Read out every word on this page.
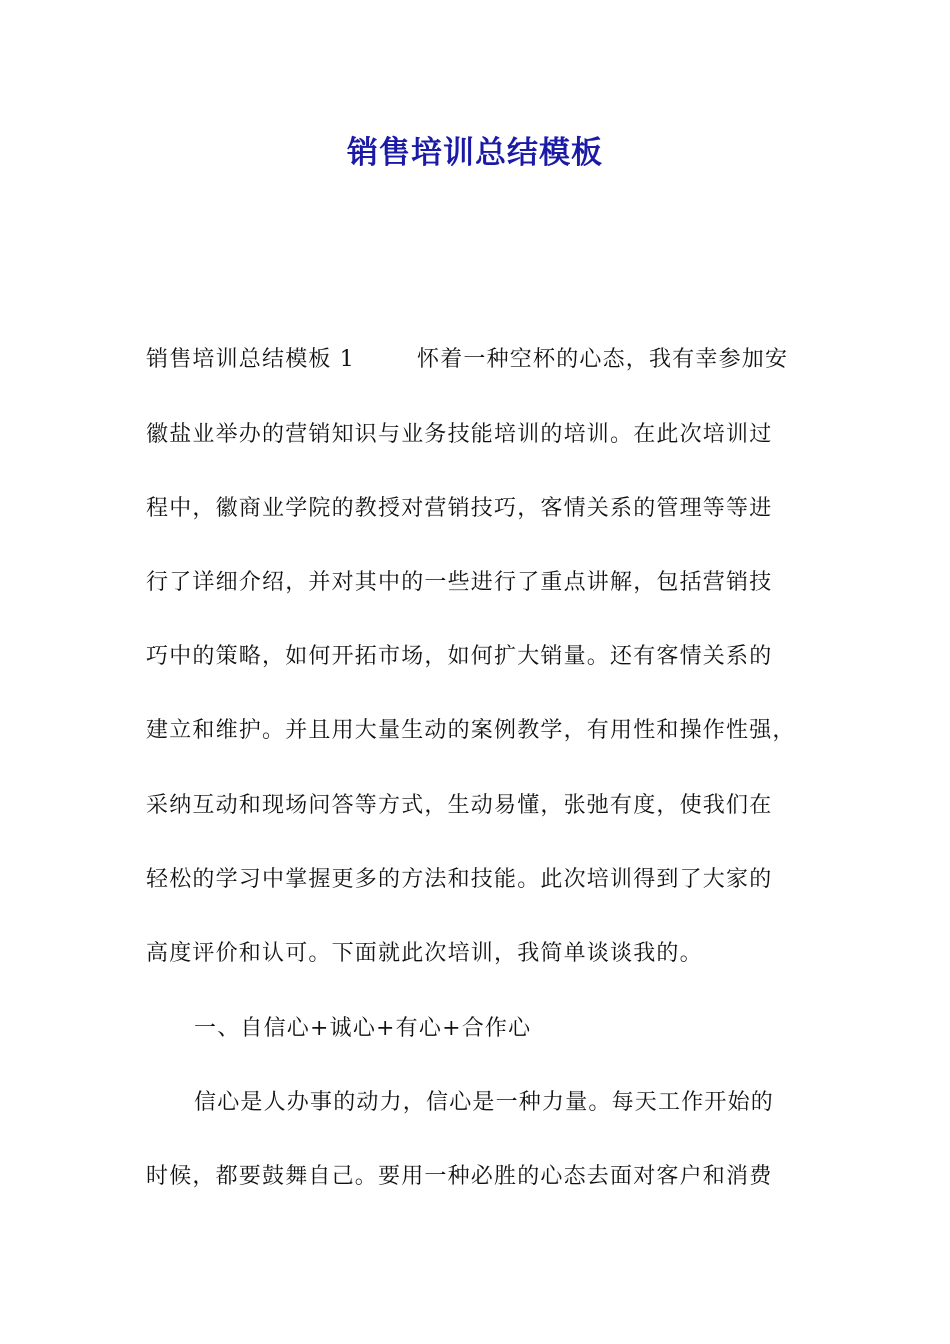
销售培训总结模板
销售培训总结模板 1	怀着一种空杯的心态，我有幸参加安
徽盐业举办的营销知识与业务技能培训的培训。在此次培训过
程中，徽商业学院的教授对营销技巧，客情关系的管理等等进
行了详细介绍，并对其中的一些进行了重点讲解，包括营销技
巧中的策略，如何开拓市场，如何扩大销量。还有客情关系的
建立和维护。并且用大量生动的案例教学，有用性和操作性强，
采纳互动和现场问答等方式，生动易懂，张弛有度，使我们在
轻松的学习中掌握更多的方法和技能。此次培训得到了大家的
高度评价和认可。下面就此次培训，我简单谈谈我的。
一、自信心+诚心+有心+合作心
信心是人办事的动力，信心是一种力量。每天工作开始的
时候，都要鼓舞自己。要用一种必胜的心态去面对客户和消费
